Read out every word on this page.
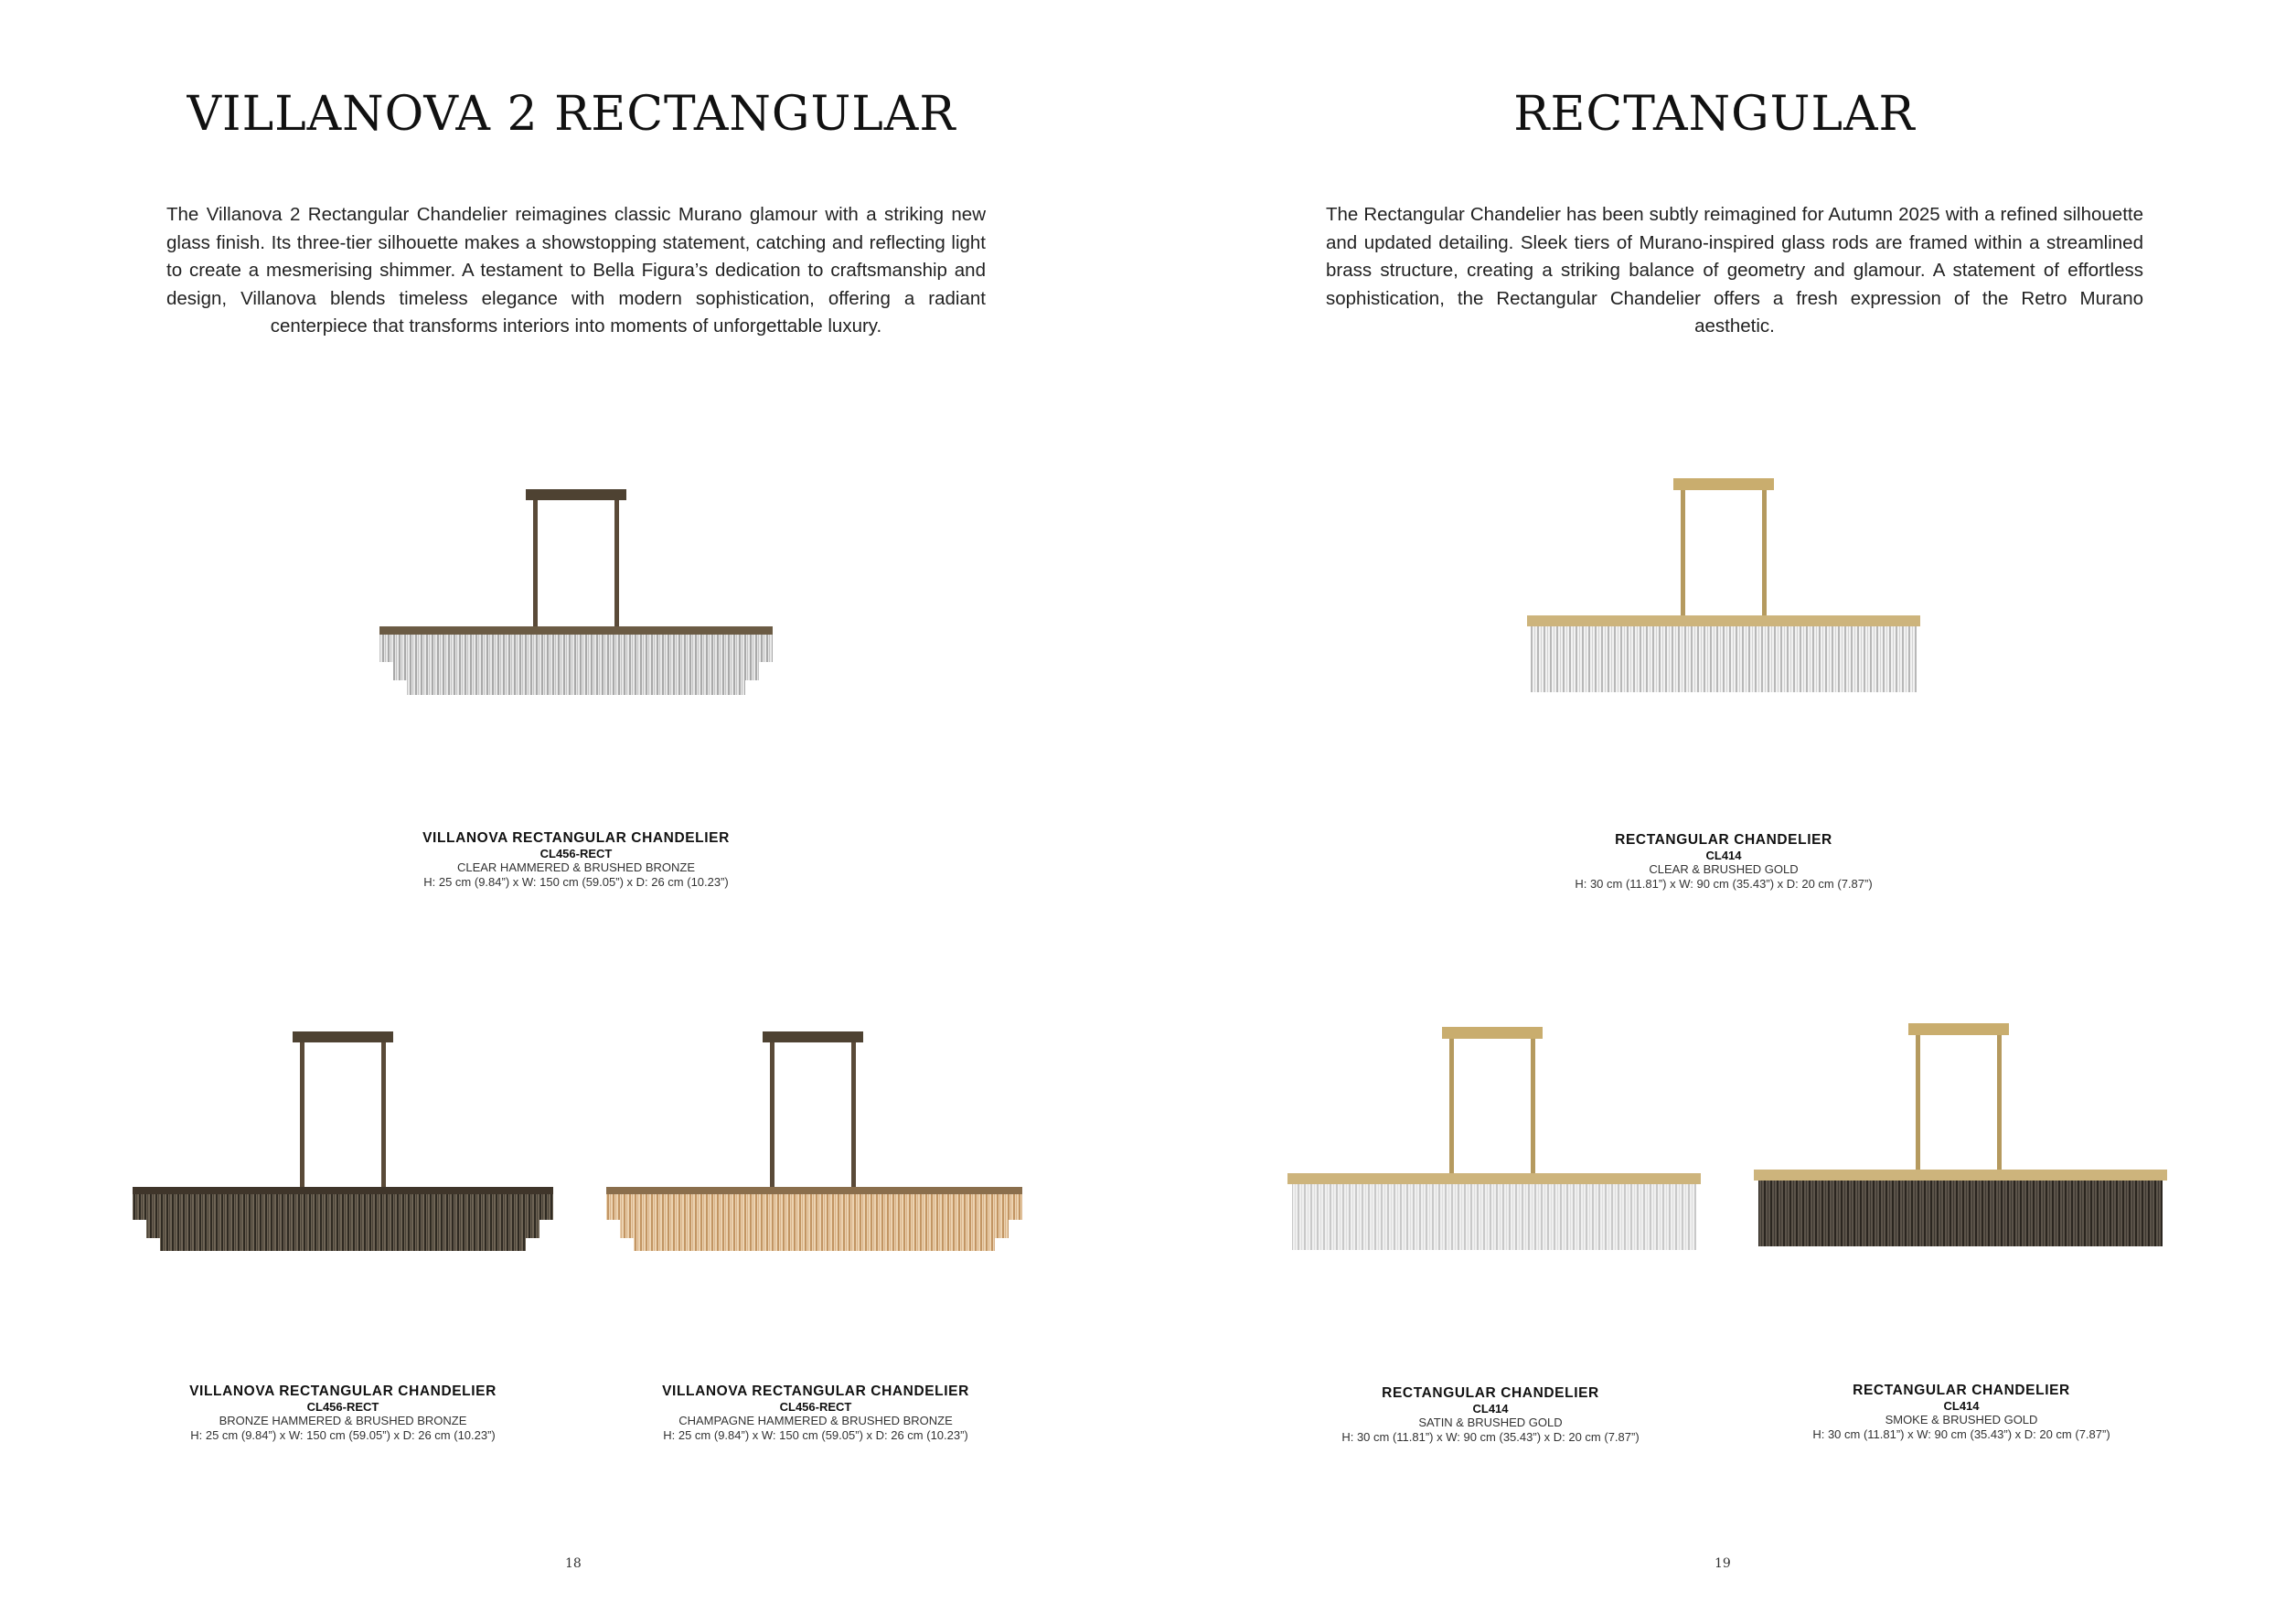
VILLANOVA 2 RECTANGULAR

The Villanova 2 Rectangular Chandelier reimagines classic Murano glamour with a striking new glass finish. Its three-tier silhouette makes a showstopping statement, catching and reflecting light to create a mesmerising shimmer. A testament to Bella Figura’s dedication to craftsmanship and design, Villanova blends timeless elegance with modern sophistication, offering a radiant centerpiece that transforms interiors into moments of unforgettable luxury.

VILLANOVA RECTANGULAR CHANDELIER
CL456-RECT
CLEAR HAMMERED & BRUSHED BRONZE
H: 25 cm (9.84”) x W: 150 cm (59.05”) x D: 26 cm (10.23”)
VILLANOVA RECTANGULAR CHANDELIER
CL456-RECT
BRONZE HAMMERED & BRUSHED BRONZE
H: 25 cm (9.84”) x W: 150 cm (59.05”) x D: 26 cm (10.23”)
VILLANOVA RECTANGULAR CHANDELIER
CL456-RECT
CHAMPAGNE HAMMERED & BRUSHED BRONZE
H: 25 cm (9.84”) x W: 150 cm (59.05”) x D: 26 cm (10.23”)
18
RECTANGULAR

The Rectangular Chandelier has been subtly reimagined for Autumn 2025 with a refined silhouette and updated detailing. Sleek tiers of Murano-inspired glass rods are framed within a streamlined brass structure, creating a striking balance of geometry and glamour. A statement of effortless sophistication, the Rectangular Chandelier offers a fresh expression of the Retro Murano aesthetic.

RECTANGULAR CHANDELIER
CL414
CLEAR & BRUSHED GOLD
H: 30 cm (11.81”) x W: 90 cm (35.43”) x D: 20 cm (7.87”)
RECTANGULAR CHANDELIER
CL414
SATIN & BRUSHED GOLD
H: 30 cm (11.81”) x W: 90 cm (35.43”) x D: 20 cm (7.87”)
RECTANGULAR CHANDELIER
CL414
SMOKE & BRUSHED GOLD
H: 30 cm (11.81”) x W: 90 cm (35.43”) x D: 20 cm (7.87”)
19
